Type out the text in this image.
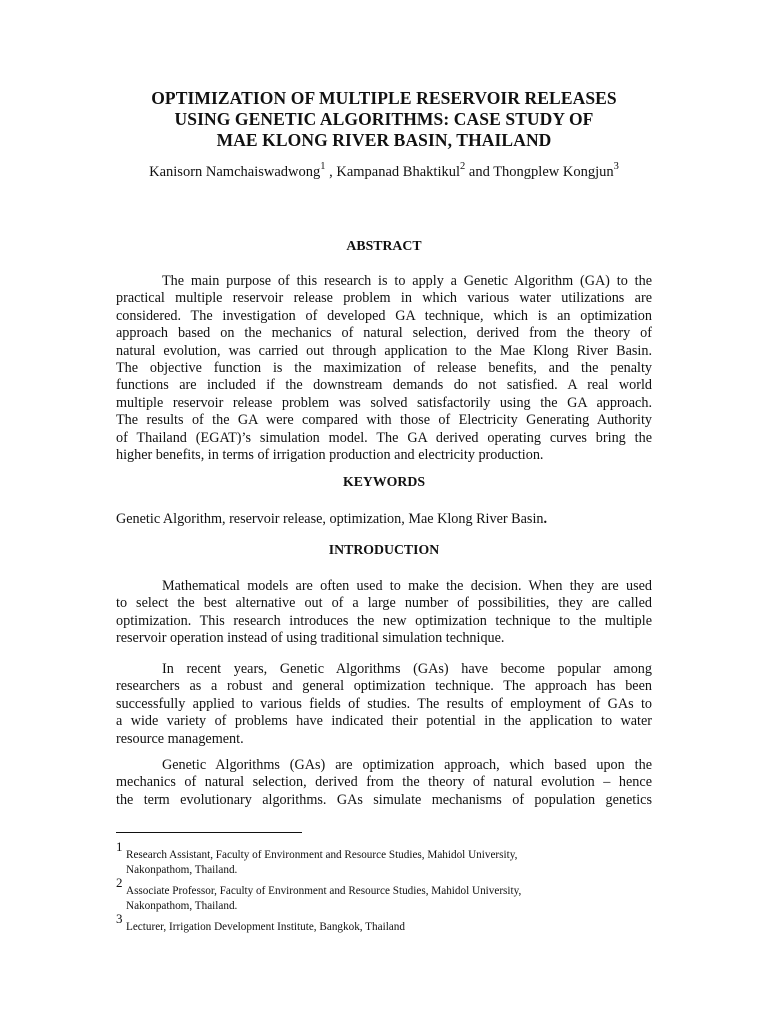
OPTIMIZATION OF MULTIPLE RESERVOIR RELEASES
USING GENETIC ALGORITHMS: CASE STUDY OF
MAE KLONG RIVER BASIN, THAILAND
Kanisorn Namchaiswadwong$^1$ , Kampanad Bhaktikul$^2$ and Thongplew Kongjun$^3$
ABSTRACT
The main purpose of this research is to apply a Genetic Algorithm (GA) to the
practical multiple reservoir release problem in which various water utilizations are
considered. The investigation of developed GA technique, which is an optimization
approach based on the mechanics of natural selection, derived from the theory of
natural evolution, was carried out through application to the Mae Klong River Basin.
The objective function is the maximization of release benefits, and the penalty
functions are included if the downstream demands do not satisfied. A real world
multiple reservoir release problem was solved satisfactorily using the GA approach.
The results of the GA were compared with those of Electricity Generating Authority
of Thailand (EGAT)’s simulation model. The GA derived operating curves bring the
higher benefits, in terms of irrigation production and electricity production.
KEYWORDS
Genetic Algorithm, reservoir release, optimization, Mae Klong River Basin.
INTRODUCTION
Mathematical models are often used to make the decision. When they are used
to select the best alternative out of a large number of possibilities, they are called
optimization. This research introduces the new optimization technique to the multiple
reservoir operation instead of using traditional simulation technique.
In recent years, Genetic Algorithms (GAs) have become popular among
researchers as a robust and general optimization technique. The approach has been
successfully applied to various fields of studies. The results of employment of GAs to
a wide variety of problems have indicated their potential in the application to water
resource management.
Genetic Algorithms (GAs) are optimization approach, which based upon the
mechanics of natural selection, derived from the theory of natural evolution – hence
the term evolutionary algorithms. GAs simulate mechanisms of population genetics
1
Research Assistant, Faculty of Environment and Resource Studies, Mahidol University,
Nakonpathom, Thailand.
2
Associate Professor, Faculty of Environment and Resource Studies, Mahidol University,
Nakonpathom, Thailand.
3
Lecturer, Irrigation Development Institute, Bangkok, Thailand
